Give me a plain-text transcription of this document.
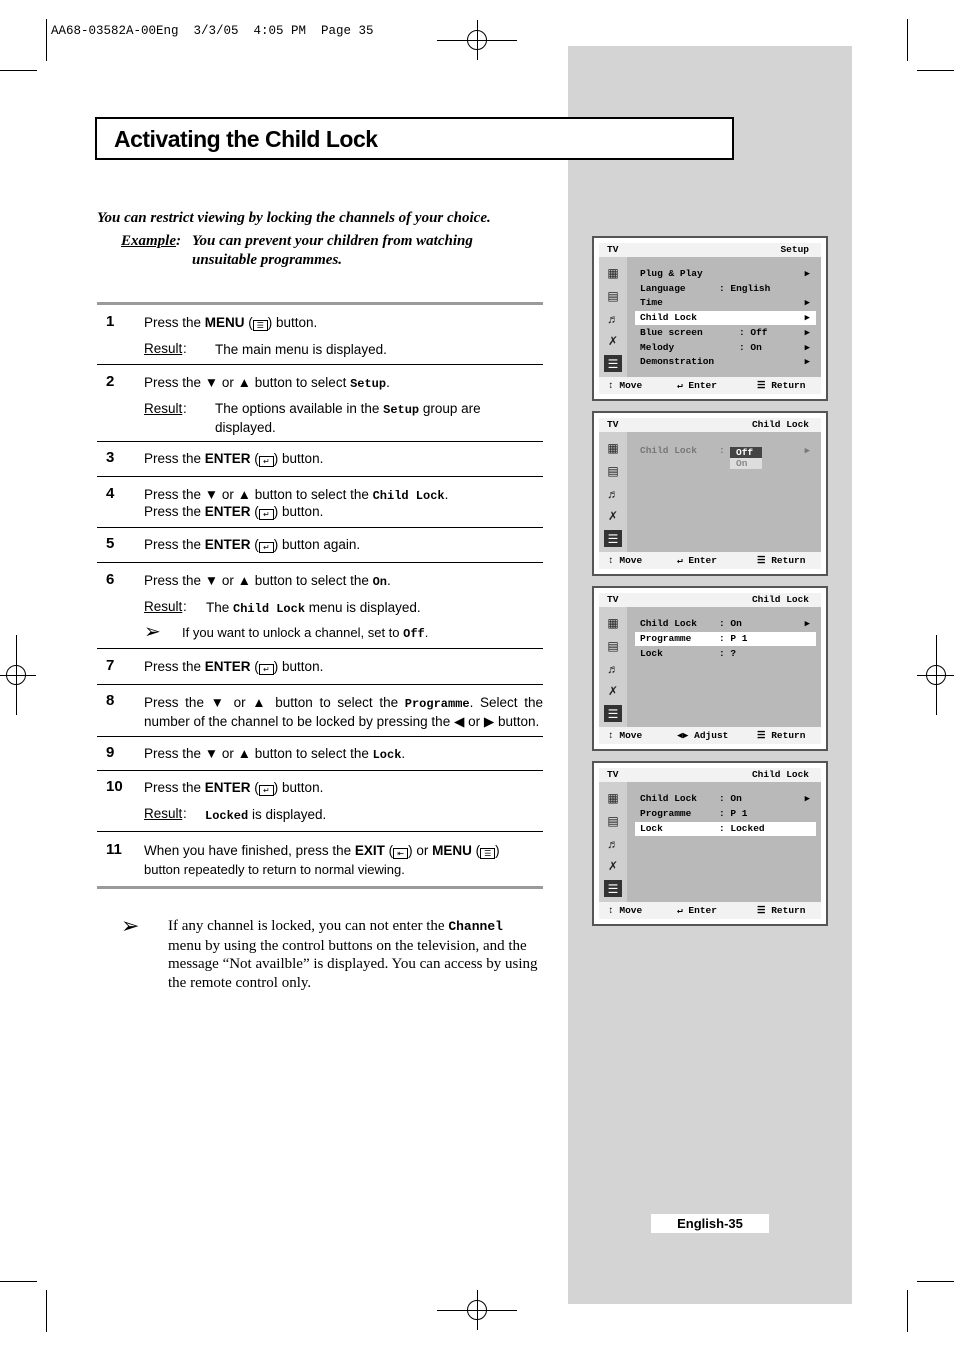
AA68-03582A-00Eng  3/3/05  4:05 PM  Page 35
Activating the Child Lock
You can restrict viewing by locking the channels of your choice.
Example : You can prevent your children from watching unsuitable programmes.
1 Press the MENU ( ☰ ) button.
Result : The main menu is displayed.
2 Press the ▼ or ▲ button to select Setup.
Result : The options available in the Setup group are displayed.
3 Press the ENTER ( ↵ ) button.
4 Press the ▼ or ▲ button to select the Child Lock.
Press the ENTER ( ↵ ) button.
5 Press the ENTER ( ↵ ) button again.
6 Press the ▼ or ▲ button to select the On.
Result : The Child Lock menu is displayed.
➢ If you want to unlock a channel, set to Off.
7 Press the ENTER ( ↵ ) button.
8 Press the ▼ or ▲ button to select the Programme. Select the number of the channel to be locked by pressing the ◀ or ▶ button.
9 Press the ▼ or ▲ button to select the Lock.
10 Press the ENTER ( ↵ ) button.
Result : Locked is displayed.
11 When you have finished, press the EXIT ( ⇤ ) or MENU ( ☰ )
button repeatedly to return to normal viewing.
➢ If any channel is locked, you can not enter the Channel menu by using the control buttons on the television, and the message “Not availble” is displayed. You can access by using the remote control only.
TV	Setup
▦
▤
♬
✗
☰
Plug & Play	▶
Language	: English
Time	▶
Child Lock	▶
Blue screen	: Off	▶
Melody	: On	▶
Demonstration	▶
↕ Move	↵ Enter	☰ Return
TV	Child Lock
▦
▤
♬
✗
☰
Child Lock :	▶
Off
On
↕ Move	↵ Enter	☰ Return
TV	Child Lock
▦
▤
♬
✗
☰
Child Lock : On	▶
Programme	: P 1
Lock	: ?
↕ Move	◀▶ Adjust	☰ Return
TV	Child Lock
▦
▤
♬
✗
☰
Child Lock : On	▶
Programme	: P 1
Lock	: Locked
↕ Move	↵ Enter	☰ Return
English-35
